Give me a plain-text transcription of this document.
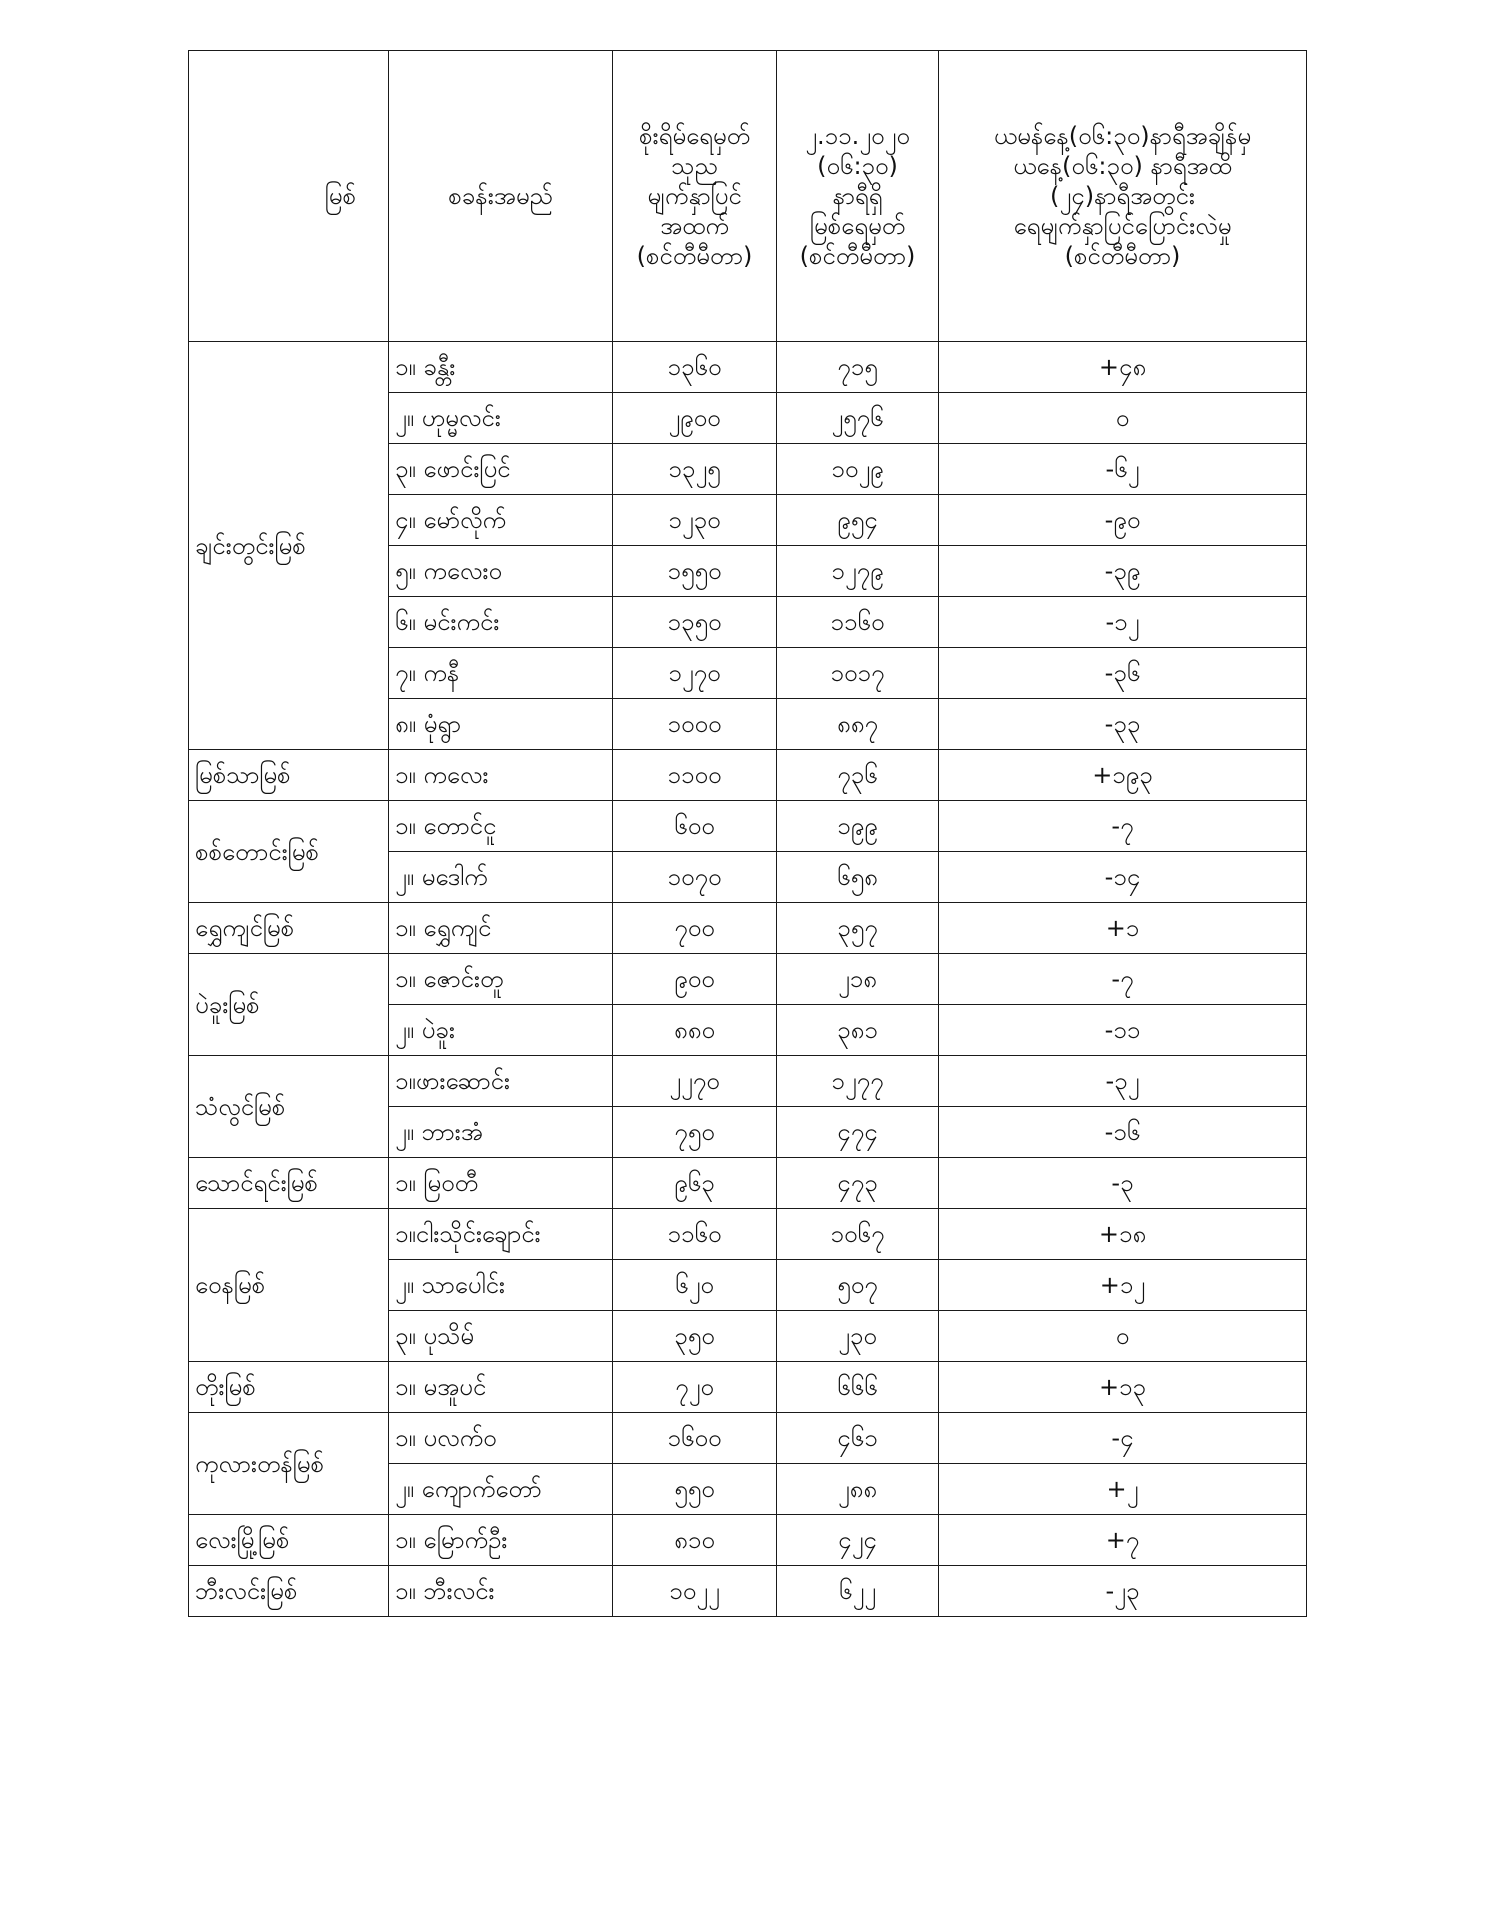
မြစ်	စခန်းအမည်	စိုးရိမ်ရေမှတ်
သုည
မျက်နှာပြင်
အထက်
(စင်တီမီတာ)	၂.၁၁.၂၀၂၀
(၀၆:၃၀)
နာရီရှိ
မြစ်ရေမှတ်
(စင်တီမီတာ)	ယမန်နေ့(၀၆:၃၀)နာရီအချိန်မှ
ယနေ့(၀၆:၃၀) နာရီအထိ
(၂၄)နာရီအတွင်း
ရေမျက်နှာပြင်ပြောင်းလဲမှု
(စင်တီမီတာ)

ချင်းတွင်းမြစ်	၁။ ခန္တီး	၁၃၆၀	၇၁၅	+၄၈
	၂။ ဟုမ္မလင်း	၂၉၀၀	၂၅၇၆	၀
	၃။ ဖောင်းပြင်	၁၃၂၅	၁၀၂၉	-၆၂
	၄။ မော်လိုက်	၁၂၃၀	၉၅၄	-၉၀
	၅။ ကလေးဝ	၁၅၅၀	၁၂၇၉	-၃၉
	၆။ မင်းကင်း	၁၃၅၀	၁၁၆၀	-၁၂
	၇။ ကနီ	၁၂၇၀	၁၀၁၇	-၃၆
	၈။ မုံရွာ	၁၀၀၀	၈၈၇	-၃၃
မြစ်သာမြစ်	၁။ ကလေး	၁၁၀၀	၇၃၆	+၁၉၃
စစ်တောင်းမြစ်	၁။ တောင်ငူ	၆၀၀	၁၉၉	-၇
	၂။ မဒေါက်	၁၀၇၀	၆၅၈	-၁၄
ရွှေကျင်မြစ်	၁။ ရွှေကျင်	၇၀၀	၃၅၇	+၁
ပဲခူးမြစ်	၁။ ဇောင်းတူ	၉၀၀	၂၁၈	-၇
	၂။ ပဲခူး	၈၈၀	၃၈၁	-၁၁
သံလွင်မြစ်	၁။ဖားဆောင်း	၂၂၇၀	၁၂၇၇	-၃၂
	၂။ ဘားအံ	၇၅၀	၄၇၄	-၁၆
သောင်ရင်းမြစ်	၁။ မြဝတီ	၉၆၃	၄၇၃	-၃
ဝေနမြစ်	၁။ငါးသိုင်းချောင်း	၁၁၆၀	၁၀၆၇	+၁၈
	၂။ သာပေါင်း	၆၂၀	၅၀၇	+၁၂
	၃။ ပုသိမ်	၃၅၀	၂၃၀	၀
တိုးမြစ်	၁။ မအူပင်	၇၂၀	၆၆၆	+၁၃
ကုလားတန်မြစ်	၁။ ပလက်ဝ	၁၆၀၀	၄၆၁	-၄
	၂။ ကျောက်တော်	၅၅၀	၂၈၈	+၂
လေးမြို့မြစ်	၁။ မြောက်ဦး	၈၁၀	၄၂၄	+၇
ဘီးလင်းမြစ်	၁။ ဘီးလင်း	၁၀၂၂	၆၂၂	-၂၃
